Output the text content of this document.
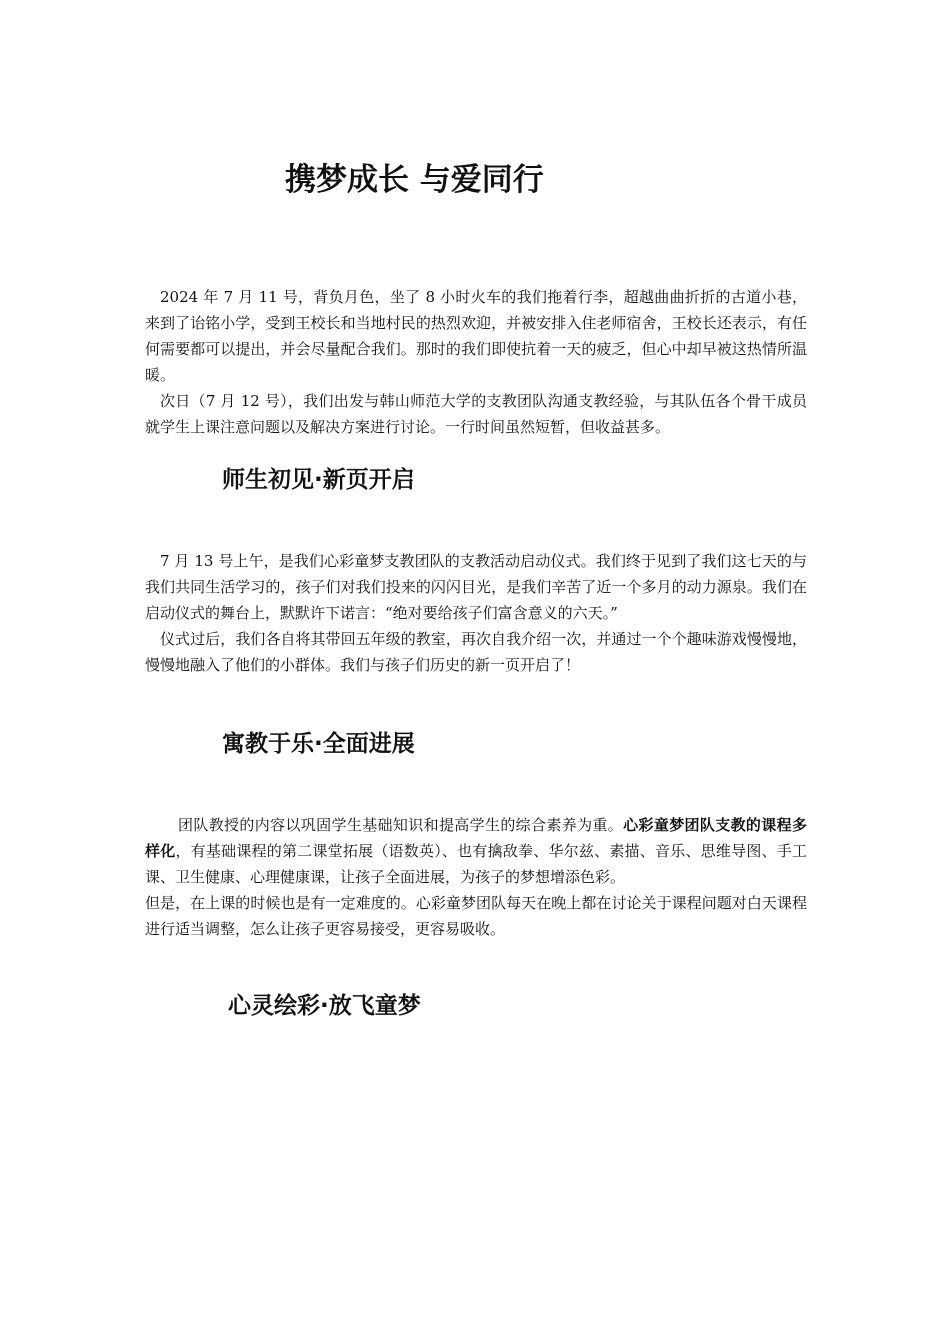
携梦成长 与爱同行

2024 年 7 月 11 号，背负月色，坐了 8 小时火车的我们拖着行李，超越曲曲折折的古道小巷，来到了诒铭小学，受到王校长和当地村民的热烈欢迎，并被安排入住老师宿舍，王校长还表示，有任何需要都可以提出，并会尽量配合我们。那时的我们即使抗着一天的疲乏，但心中却早被这热情所温暖。

次日（7 月 12 号），我们出发与韩山师范大学的支教团队沟通支教经验，与其队伍各个骨干成员就学生上课注意问题以及解决方案进行讨论。一行时间虽然短暂，但收益甚多。

师生初见·新页开启

7 月 13 号上午，是我们心彩童梦支教团队的支教活动启动仪式。我们终于见到了我们这七天的与我们共同生活学习的，孩子们对我们投来的闪闪目光，是我们辛苦了近一个多月的动力源泉。我们在启动仪式的舞台上，默默许下诺言：“绝对要给孩子们富含意义的六天。”

仪式过后，我们各自将其带回五年级的教室，再次自我介绍一次，并通过一个个趣味游戏慢慢地，慢慢地融入了他们的小群体。我们与孩子们历史的新一页开启了！

寓教于乐·全面进展

团队教授的内容以巩固学生基础知识和提高学生的综合素养为重。心彩童梦团队支教的课程多样化，有基础课程的第二课堂拓展（语数英）、也有擒敌拳、华尔兹、素描、音乐、思维导图、手工课、卫生健康、心理健康课，让孩子全面进展，为孩子的梦想增添色彩。

但是，在上课的时候也是有一定难度的。心彩童梦团队每天在晚上都在讨论关于课程问题对白天课程进行适当调整，怎么让孩子更容易接受，更容易吸收。

心灵绘彩·放飞童梦
